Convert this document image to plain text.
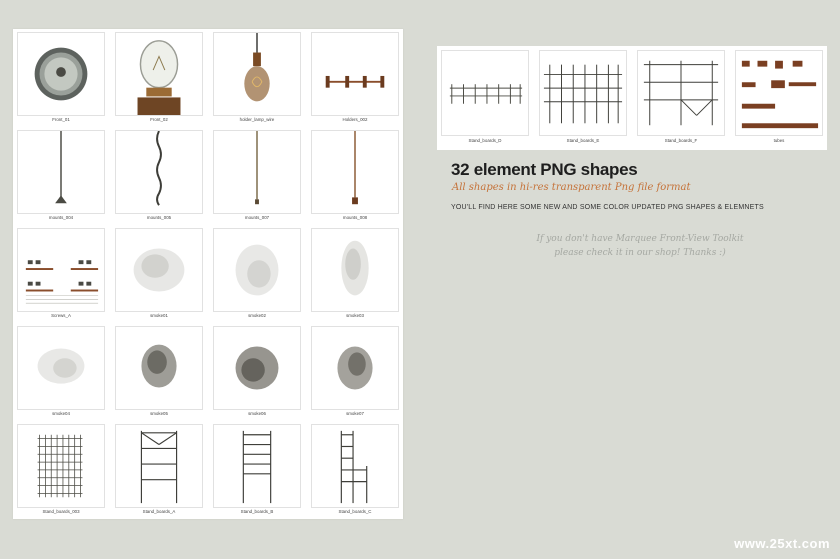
Front_01	Front_02	holder_lamp_wire	Holders_002
mounts_004	mounts_005	mounts_007	mounts_008
Screws_A	smoke01	smoke02	smoke03
smoke04	smoke05	smoke06	smoke07
Stand_boards_003	Stand_boards_A	Stand_boards_B	Stand_boards_C
Stand_boards_D	Stand_boards_E	Stand_boards_F	tubes
32 element PNG shapes
All shapes in hi-res transparent Png file format
YOU'LL FIND HERE SOME NEW AND SOME COLOR UPDATED PNG SHAPES & ELEMNETS
If you don't have Marquee Front-View Toolkit
please check it in our shop! Thanks :)
www.25xt.com
